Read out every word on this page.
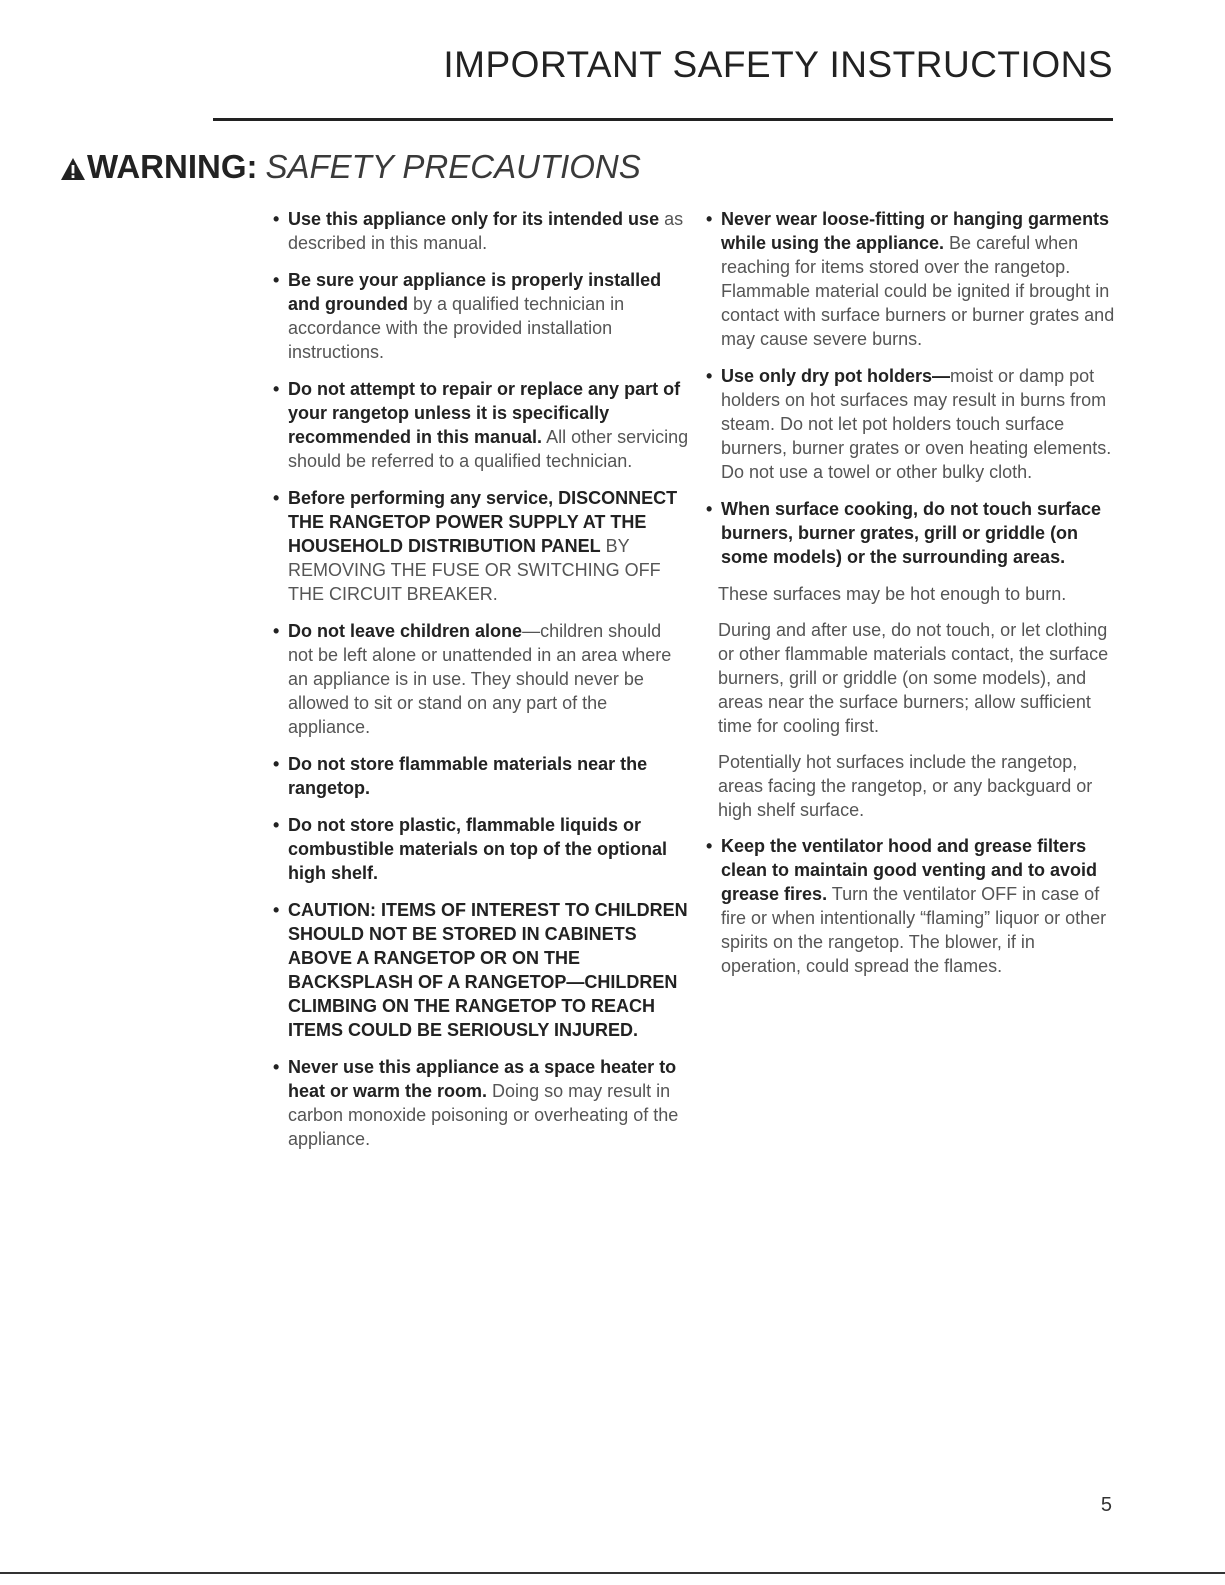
IMPORTANT SAFETY INSTRUCTIONS
WARNING: SAFETY PRECAUTIONS
• Use this appliance only for its intended use as described in this manual.
• Be sure your appliance is properly installed and grounded by a qualified technician in accordance with the provided installation instructions.
• Do not attempt to repair or replace any part of your rangetop unless it is specifically recommended in this manual. All other servicing should be referred to a qualified technician.
• Before performing any service, DISCONNECT THE RANGETOP POWER SUPPLY AT THE HOUSEHOLD DISTRIBUTION PANEL BY REMOVING THE FUSE OR SWITCHING OFF THE CIRCUIT BREAKER.
• Do not leave children alone—children should not be left alone or unattended in an area where an appliance is in use. They should never be allowed to sit or stand on any part of the appliance.
• Do not store flammable materials near the rangetop.
• Do not store plastic, flammable liquids or combustible materials on top of the optional high shelf.
• CAUTION: ITEMS OF INTEREST TO CHILDREN SHOULD NOT BE STORED IN CABINETS ABOVE A RANGETOP OR ON THE BACKSPLASH OF A RANGETOP—CHILDREN CLIMBING ON THE RANGETOP TO REACH ITEMS COULD BE SERIOUSLY INJURED.
• Never use this appliance as a space heater to heat or warm the room. Doing so may result in carbon monoxide poisoning or overheating of the appliance.
• Never wear loose-fitting or hanging garments while using the appliance. Be careful when reaching for items stored over the rangetop. Flammable material could be ignited if brought in contact with surface burners or burner grates and may cause severe burns.
• Use only dry pot holders—moist or damp pot holders on hot surfaces may result in burns from steam. Do not let pot holders touch surface burners, burner grates or oven heating elements. Do not use a towel or other bulky cloth.
• When surface cooking, do not touch surface burners, burner grates, grill or griddle (on some models) or the surrounding areas.
These surfaces may be hot enough to burn.
During and after use, do not touch, or let clothing or other flammable materials contact, the surface burners, grill or griddle (on some models), and areas near the surface burners; allow sufficient time for cooling first.
Potentially hot surfaces include the rangetop, areas facing the rangetop, or any backguard or high shelf surface.
• Keep the ventilator hood and grease filters clean to maintain good venting and to avoid grease fires. Turn the ventilator OFF in case of fire or when intentionally “flaming” liquor or other spirits on the rangetop. The blower, if in operation, could spread the flames.
5
